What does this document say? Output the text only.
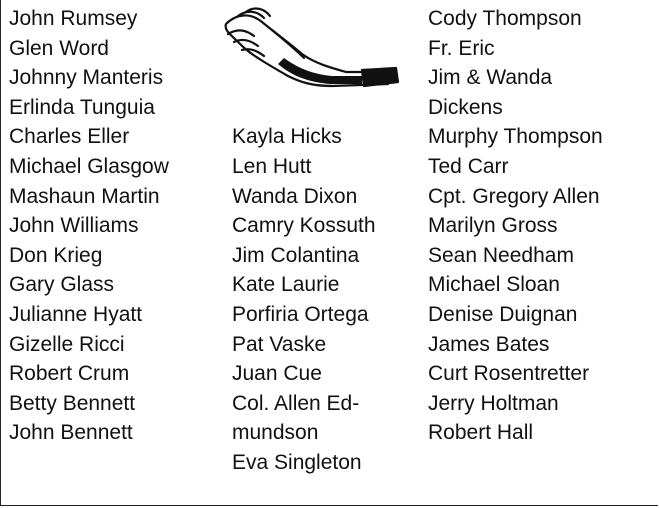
John Rumsey
Glen Word
Johnny Manteris
Erlinda Tunguia
Charles Eller
Michael Glasgow
Mashaun Martin
John Williams
Don Krieg
Gary Glass
Julianne Hyatt
Gizelle Ricci
Robert Crum
Betty Bennett
John Bennett
Kayla Hicks
Len Hutt
Wanda Dixon
Camry Kossuth
Jim Colantina
Kate Laurie
Porfiria Ortega
Pat Vaske
Juan Cue
Col. Allen Ed-
mundson
Eva Singleton
Cody Thompson
Fr. Eric
Jim & Wanda
Dickens
Murphy Thompson
Ted Carr
Cpt. Gregory Allen
Marilyn Gross
Sean Needham
Michael Sloan
Denise Duignan
James Bates
Curt Rosentretter
Jerry Holtman
Robert Hall
